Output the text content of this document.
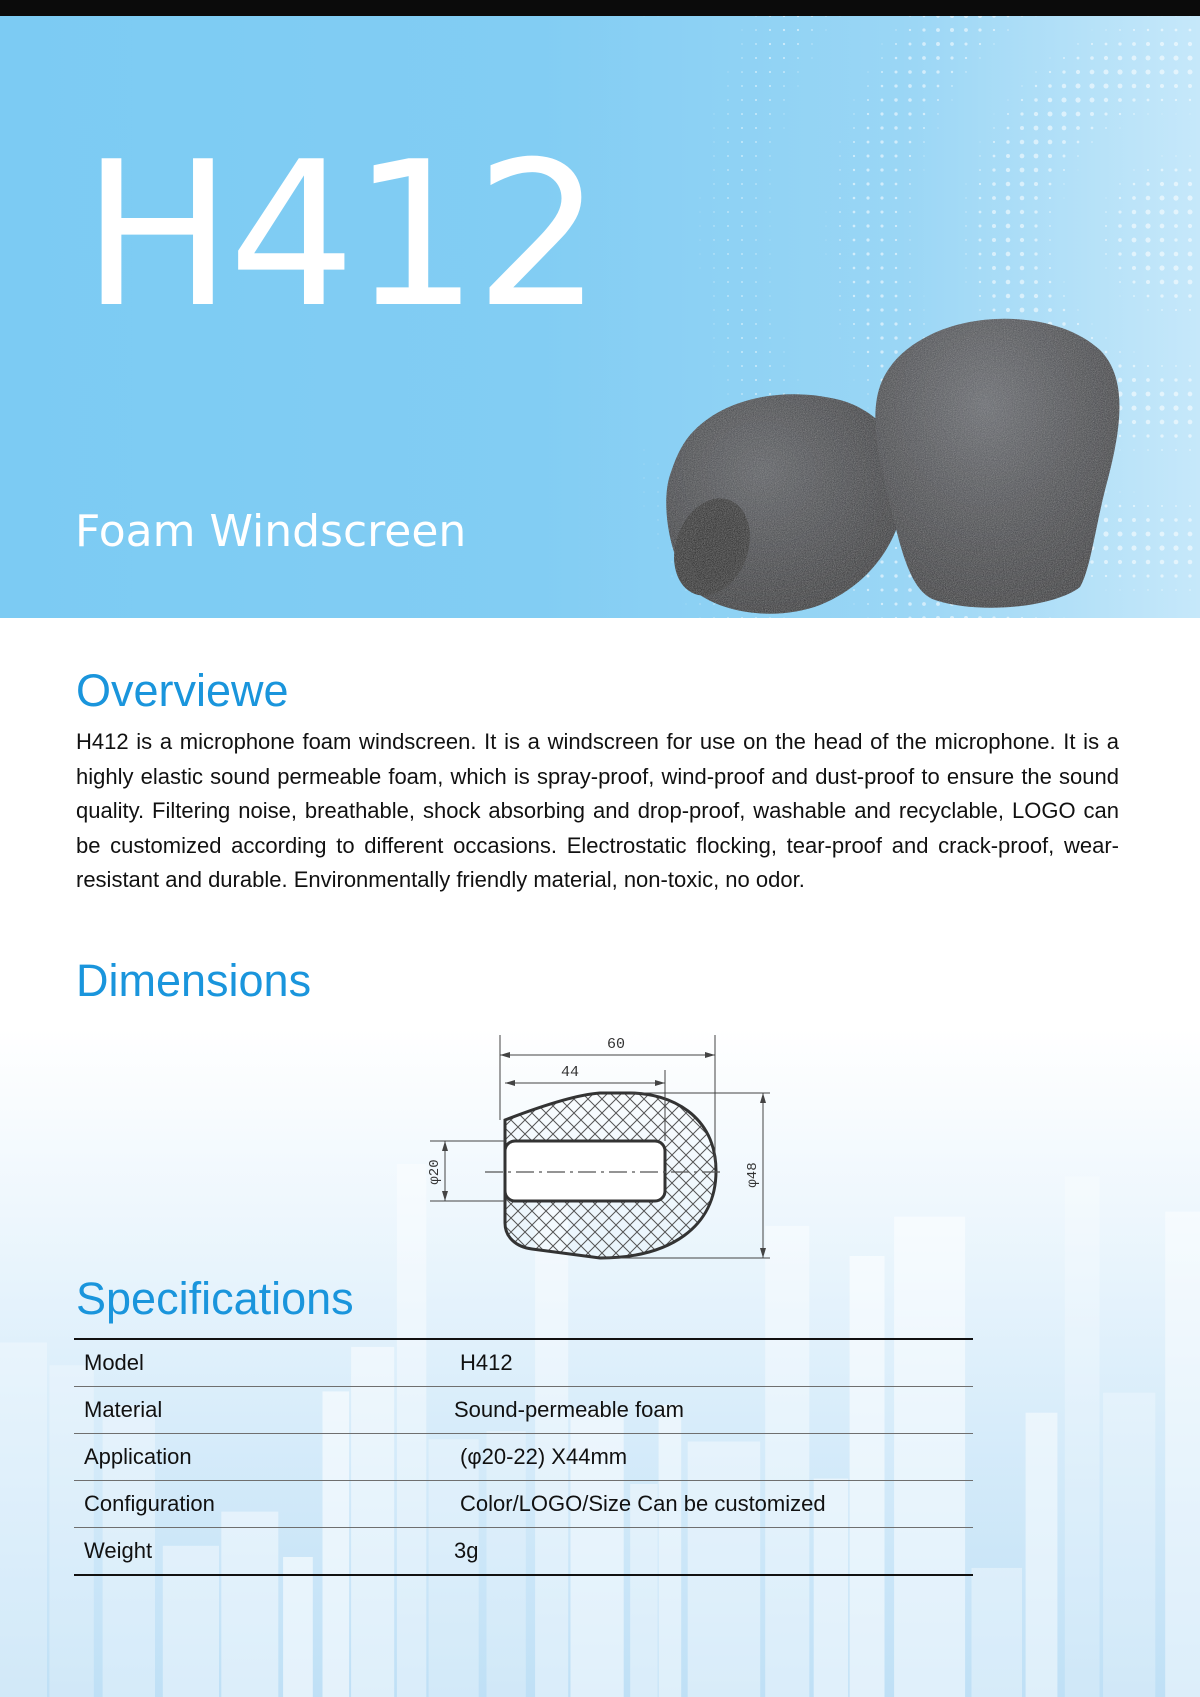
H412

Foam Windscreen

Overviewe

H412 is a microphone foam windscreen. It is a windscreen for use on the head of the microphone. It is a highly elastic sound permeable foam, which is spray-proof, wind-proof and dust-proof to ensure the sound quality. Filtering noise, breathable, shock absorbing and drop-proof, washable and recyclable, LOGO can be customized according to different occasions. Electrostatic flocking, tear-proof and crack-proof, wear-resistant and durable. Environmentally friendly material, non-toxic, no odor.

Dimensions
60
44
φ20	φ48
Specifications
Model	H412
Material	Sound-permeable foam
Application	(φ20-22) X44mm
Configuration	Color/LOGO/Size Can be customized
Weight	3g
